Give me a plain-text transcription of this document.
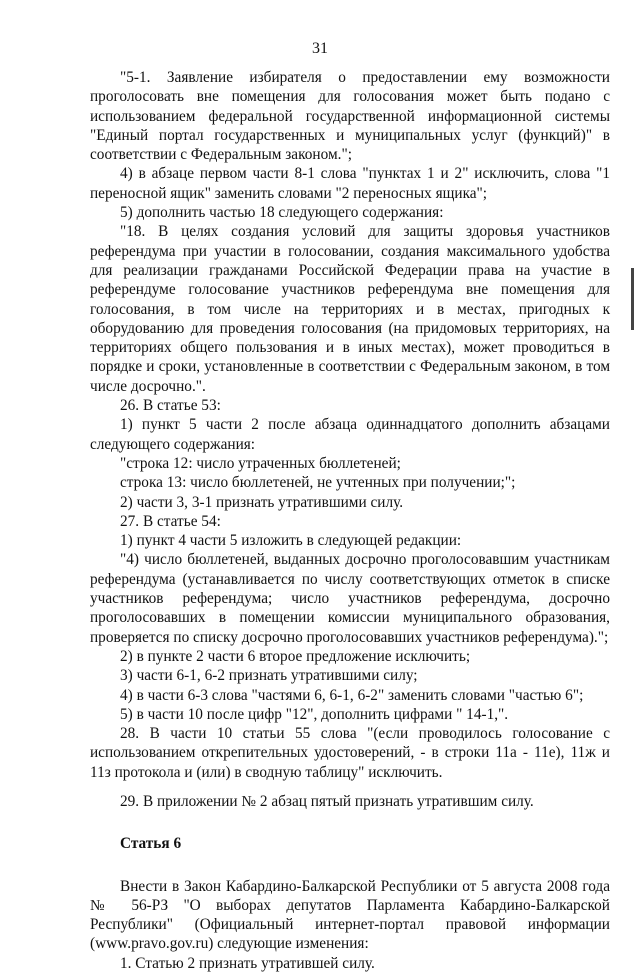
31

"5-1. Заявление избирателя о предоставлении ему возможности проголосовать вне помещения для голосования может быть подано с использованием федеральной государственной информационной системы "Единый портал государственных и муниципальных услуг (функций)" в соответствии с Федеральным законом.";

4) в абзаце первом части 8-1 слова "пунктах 1 и 2" исключить, слова "1 переносной ящик" заменить словами "2 переносных ящика";

5) дополнить частью 18 следующего содержания:

"18. В целях создания условий для защиты здоровья участников референдума при участии в голосовании, создания максимального удобства для реализации гражданами Российской Федерации права на участие в референдуме голосование участников референдума вне помещения для голосования, в том числе на территориях и в местах, пригодных к оборудованию для проведения голосования (на придомовых территориях, на территориях общего пользования и в иных местах), может проводиться в порядке и сроки, установленные в соответствии с Федеральным законом, в том числе досрочно.".

26. В статье 53:

1) пункт 5 части 2 после абзаца одиннадцатого дополнить абзацами следующего содержания:

"строка 12: число утраченных бюллетеней;

строка 13: число бюллетеней, не учтенных при получении;";

2) части 3, 3-1 признать утратившими силу.

27. В статье 54:

1) пункт 4 части 5 изложить в следующей редакции:

"4) число бюллетеней, выданных досрочно проголосовавшим участникам референдума (устанавливается по числу соответствующих отметок в списке участников референдума; число участников референдума, досрочно проголосовавших в помещении комиссии муниципального образования, проверяется по списку досрочно проголосовавших участников референдума).";

2) в пункте 2 части 6 второе предложение исключить;

3) части 6-1, 6-2 признать утратившими силу;

4) в части 6-3 слова "частями 6, 6-1, 6-2" заменить словами "частью 6";

5) в части 10 после цифр "12", дополнить цифрами " 14-1,".

28. В части 10 статьи 55 слова "(если проводилось голосование с использованием открепительных удостоверений, - в строки 11а - 11е), 11ж и 11з протокола и (или) в сводную таблицу" исключить.

29. В приложении № 2 абзац пятый признать утратившим силу.

Статья 6

Внести в Закон Кабардино-Балкарской Республики от 5 августа 2008 года № 56-РЗ "О выборах депутатов Парламента Кабардино-Балкарской Республики" (Официальный интернет-портал правовой информации (www.pravo.gov.ru) следующие изменения:

1. Статью 2 признать утратившей силу.
